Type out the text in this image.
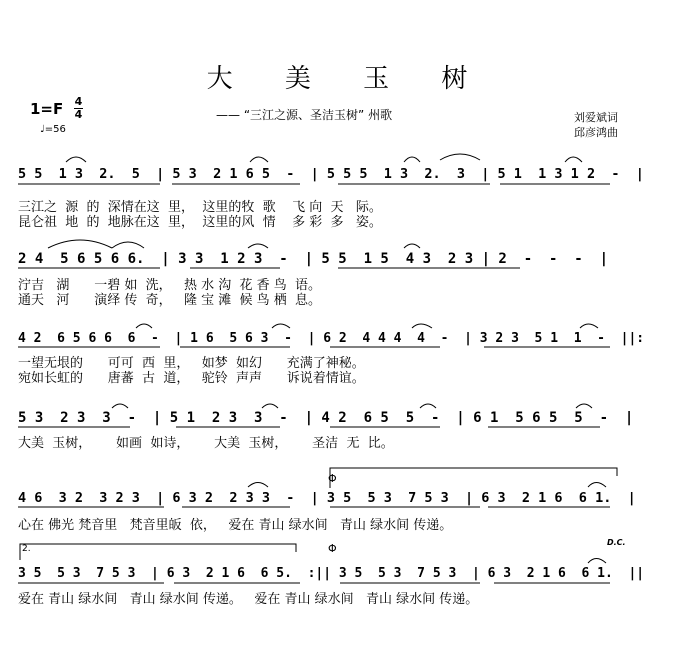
大 美 玉 树
1=F 4
4
♩=56
—— “三江之源、圣洁玉树” 州歌	刘爱斌词
邱彦鸿曲
5 5  1 3  2.  5  | 5 3  2 1 6 5  -  | 5 5 5  1 3  2.  3  | 5 1  1 3 1 2  -  |
三江之  源  的  深情在这  里，  这里的牧  歌    飞 向  天   际。
昆仑祖  地  的  地脉在这  里，  这里的风  情    多 彩  多   姿。
2 4  5 6 5 6 6.  | 3 3  1 2 3  -  | 5 5  1 5  4 3  2 3 | 2  -  -  -  |
泞吉   湖      一碧 如  洗，   热 水 沟  花 香 鸟  语。
通天   河      演绎 传  奇，   隆 宝 滩  候 鸟 栖  息。
4 2  6 5 6 6  6  -  | 1 6  5 6 3  -  | 6 2  4 4 4  4  -  | 3 2 3  5 1  1  -  ||:
一望无垠的      可可  西  里，   如梦  如幻      充满了神秘。
宛如长虹的      唐蕃  古  道，   驼铃  声声      诉说着情谊。
5 3  2 3  3  -  | 5 1  2 3  3  -  | 4 2  6 5  5  -  | 6 1  5 6 5  5  -  |
大美  玉树，      如画  如诗，      大美  玉树，      圣洁  无  比。
Φ
4 6  3 2  3 2 3  | 6 3 2  2 3 3  -  | 3 5  5 3  7 5 3  | 6 3  2 1 6  6 1.  |
心在 佛光 梵音里   梵音里皈  依，   爱在 青山 绿水间   青山 绿水间 传递。
D.C.
2.	Φ
3 5  5 3  7 5 3  | 6 3  2 1 6  6 5.  :|| 3 5  5 3  7 5 3  | 6 3  2 1 6  6 1.  ||
爱在 青山 绿水间   青山 绿水间 传递。   爱在 青山 绿水间   青山 绿水间 传递。
